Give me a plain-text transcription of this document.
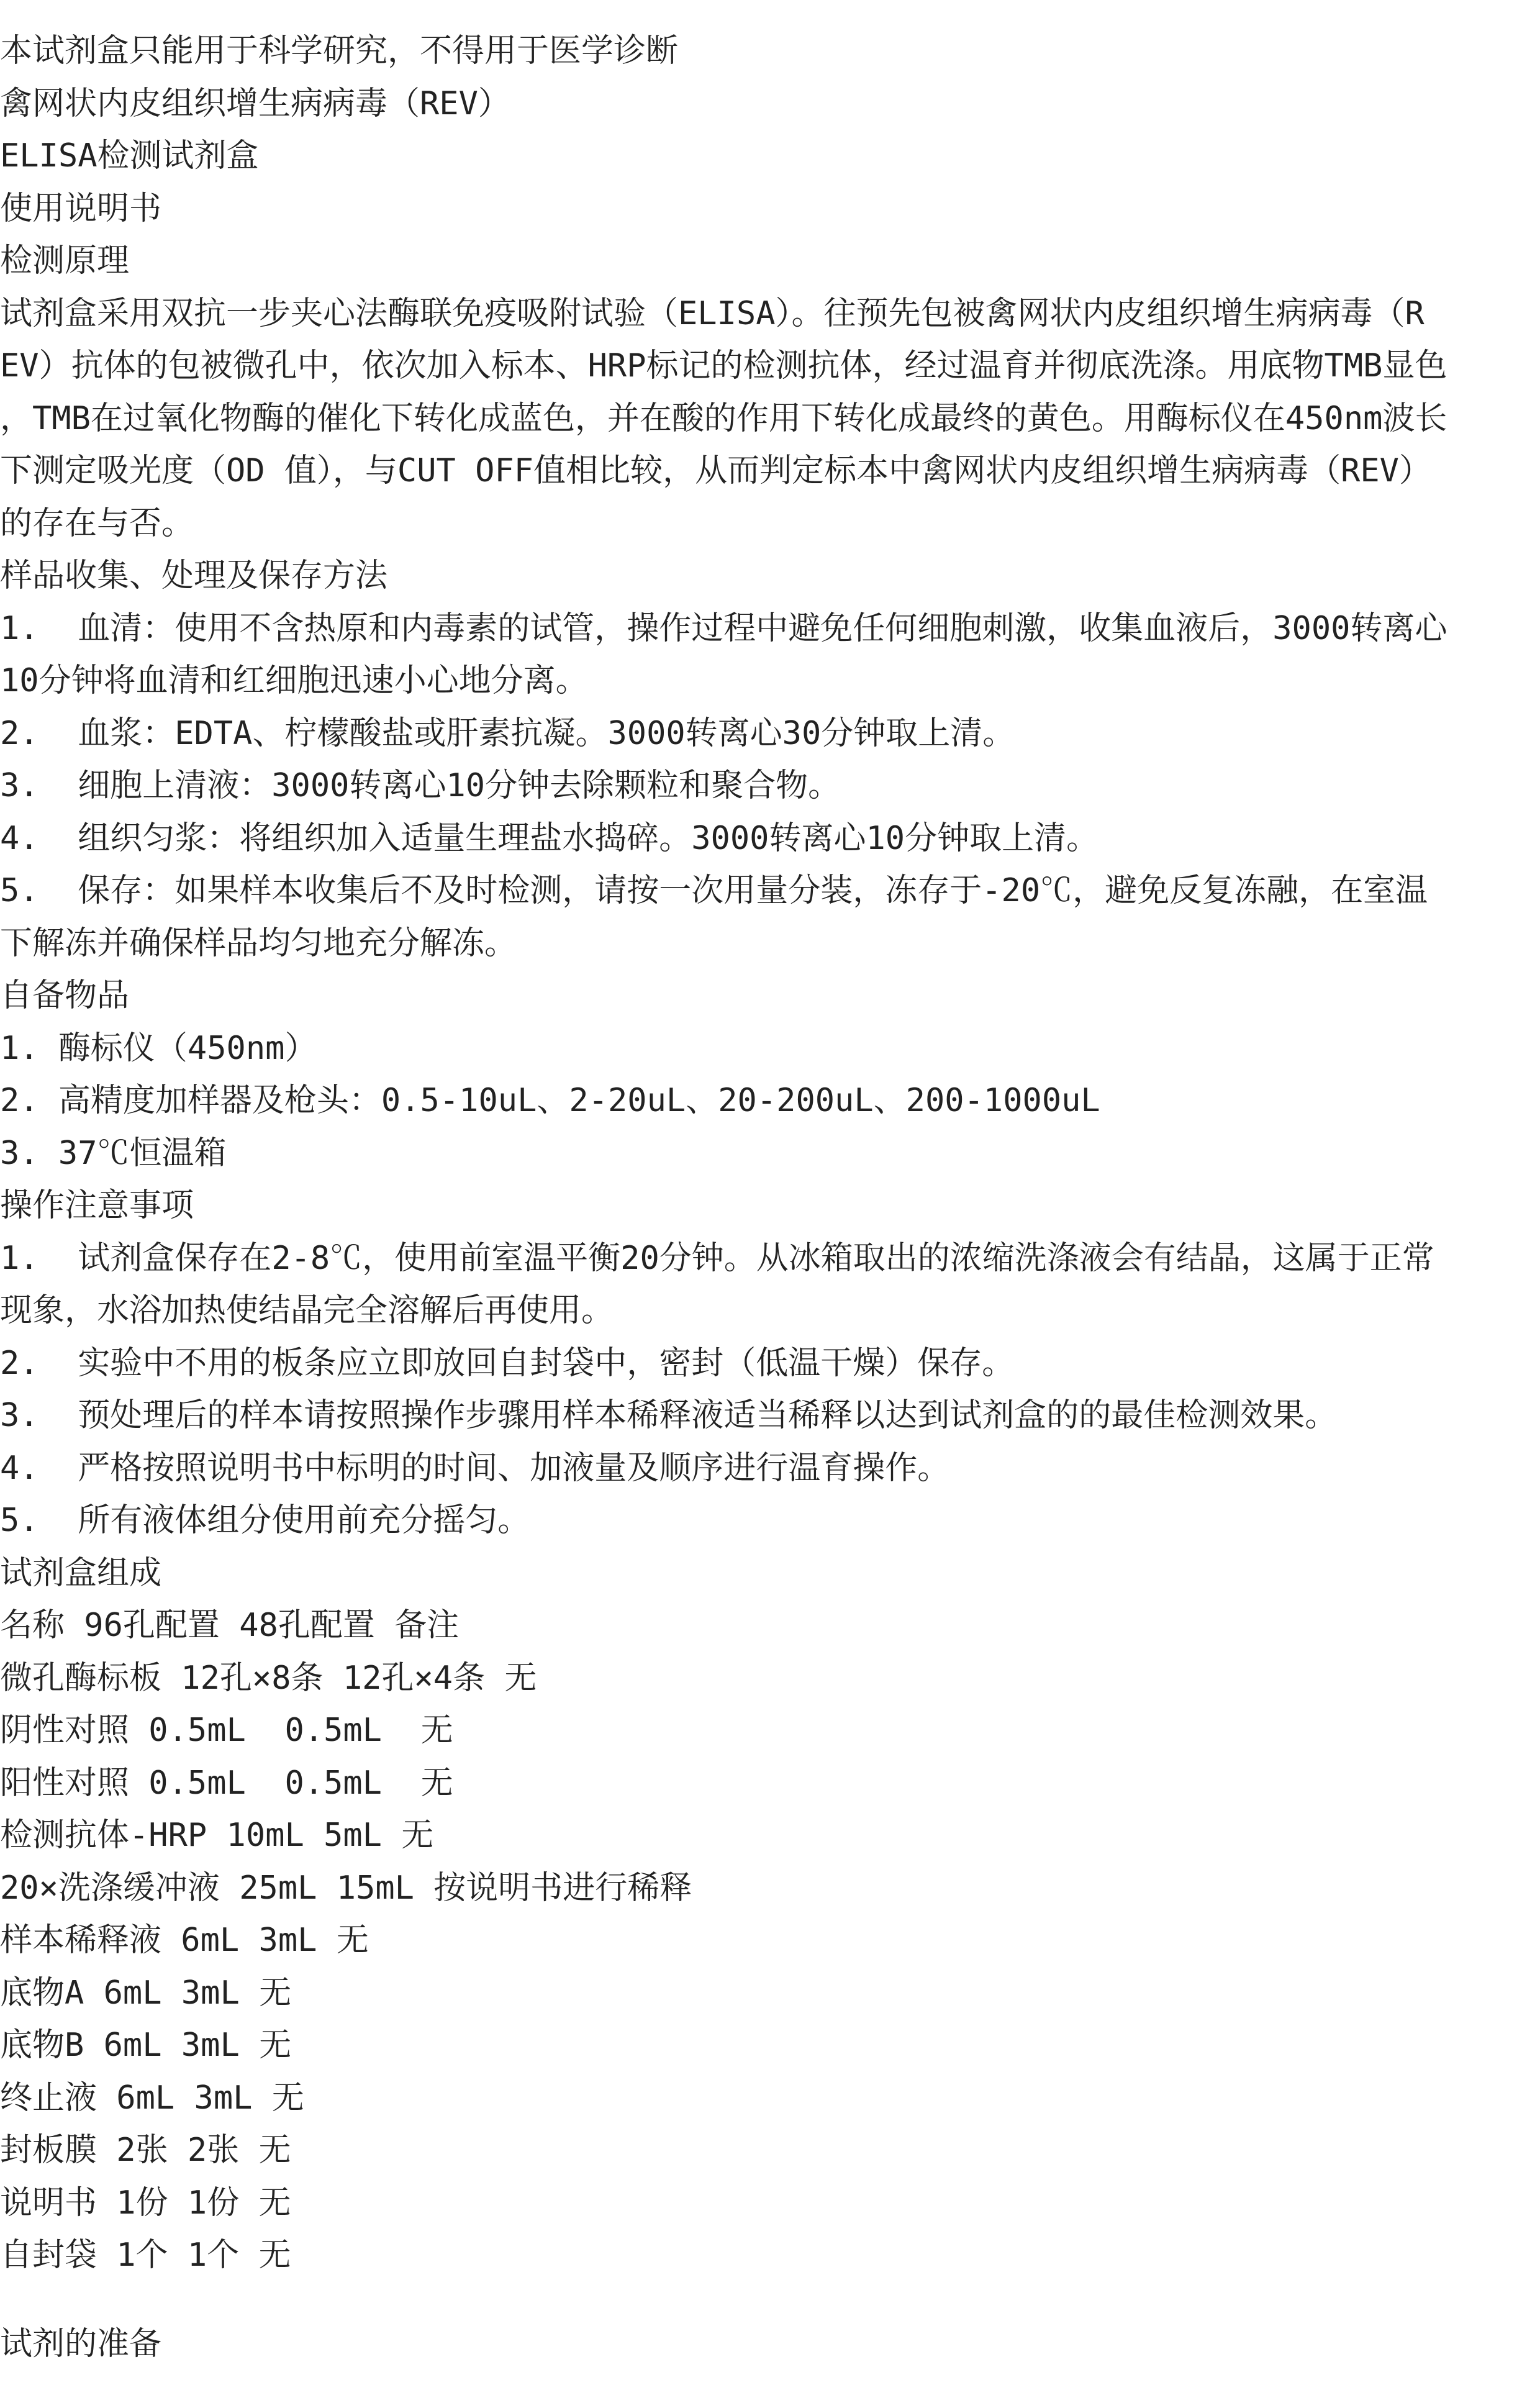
本试剂盒只能用于科学研究，不得用于医学诊断

禽网状内皮组织增生病病毒（REV）

ELISA检测试剂盒

使用说明书

检测原理

试剂盒采用双抗一步夹心法酶联免疫吸附试验（ELISA）。往预先包被禽网状内皮组织增生病病毒（R

EV）抗体的包被微孔中，依次加入标本、HRP标记的检测抗体，经过温育并彻底洗涤。用底物TMB显色

，TMB在过氧化物酶的催化下转化成蓝色，并在酸的作用下转化成最终的黄色。用酶标仪在450nm波长

下测定吸光度（OD 值），与CUT OFF值相比较，从而判定标本中禽网状内皮组织增生病病毒（REV）

的存在与否。

样品收集、处理及保存方法

1.  血清：使用不含热原和内毒素的试管，操作过程中避免任何细胞刺激，收集血液后，3000转离心

10分钟将血清和红细胞迅速小心地分离。

2.  血浆：EDTA、柠檬酸盐或肝素抗凝。3000转离心30分钟取上清。

3.  细胞上清液：3000转离心10分钟去除颗粒和聚合物。

4.  组织匀浆：将组织加入适量生理盐水捣碎。3000转离心10分钟取上清。

5.  保存：如果样本收集后不及时检测，请按一次用量分装，冻存于-20℃，避免反复冻融，在室温

下解冻并确保样品均匀地充分解冻。

自备物品

1. 酶标仪（450nm）

2. 高精度加样器及枪头：0.5-10uL、2-20uL、20-200uL、200-1000uL

3. 37℃恒温箱

操作注意事项

1.  试剂盒保存在2-8℃，使用前室温平衡20分钟。从冰箱取出的浓缩洗涤液会有结晶，这属于正常

现象，水浴加热使结晶完全溶解后再使用。

2.  实验中不用的板条应立即放回自封袋中，密封（低温干燥）保存。

3.  预处理后的样本请按照操作步骤用样本稀释液适当稀释以达到试剂盒的的最佳检测效果。

4.  严格按照说明书中标明的时间、加液量及顺序进行温育操作。

5.  所有液体组分使用前充分摇匀。

试剂盒组成

名称 96孔配置 48孔配置 备注

微孔酶标板 12孔×8条 12孔×4条 无

阴性对照 0.5mL  0.5mL  无

阳性对照 0.5mL  0.5mL  无

检测抗体-HRP 10mL 5mL 无

20×洗涤缓冲液 25mL 15mL 按说明书进行稀释

样本稀释液 6mL 3mL 无

底物A 6mL 3mL 无

底物B 6mL 3mL 无

终止液 6mL 3mL 无

封板膜 2张 2张 无

说明书 1份 1份 无

自封袋 1个 1个 无

试剂的准备
